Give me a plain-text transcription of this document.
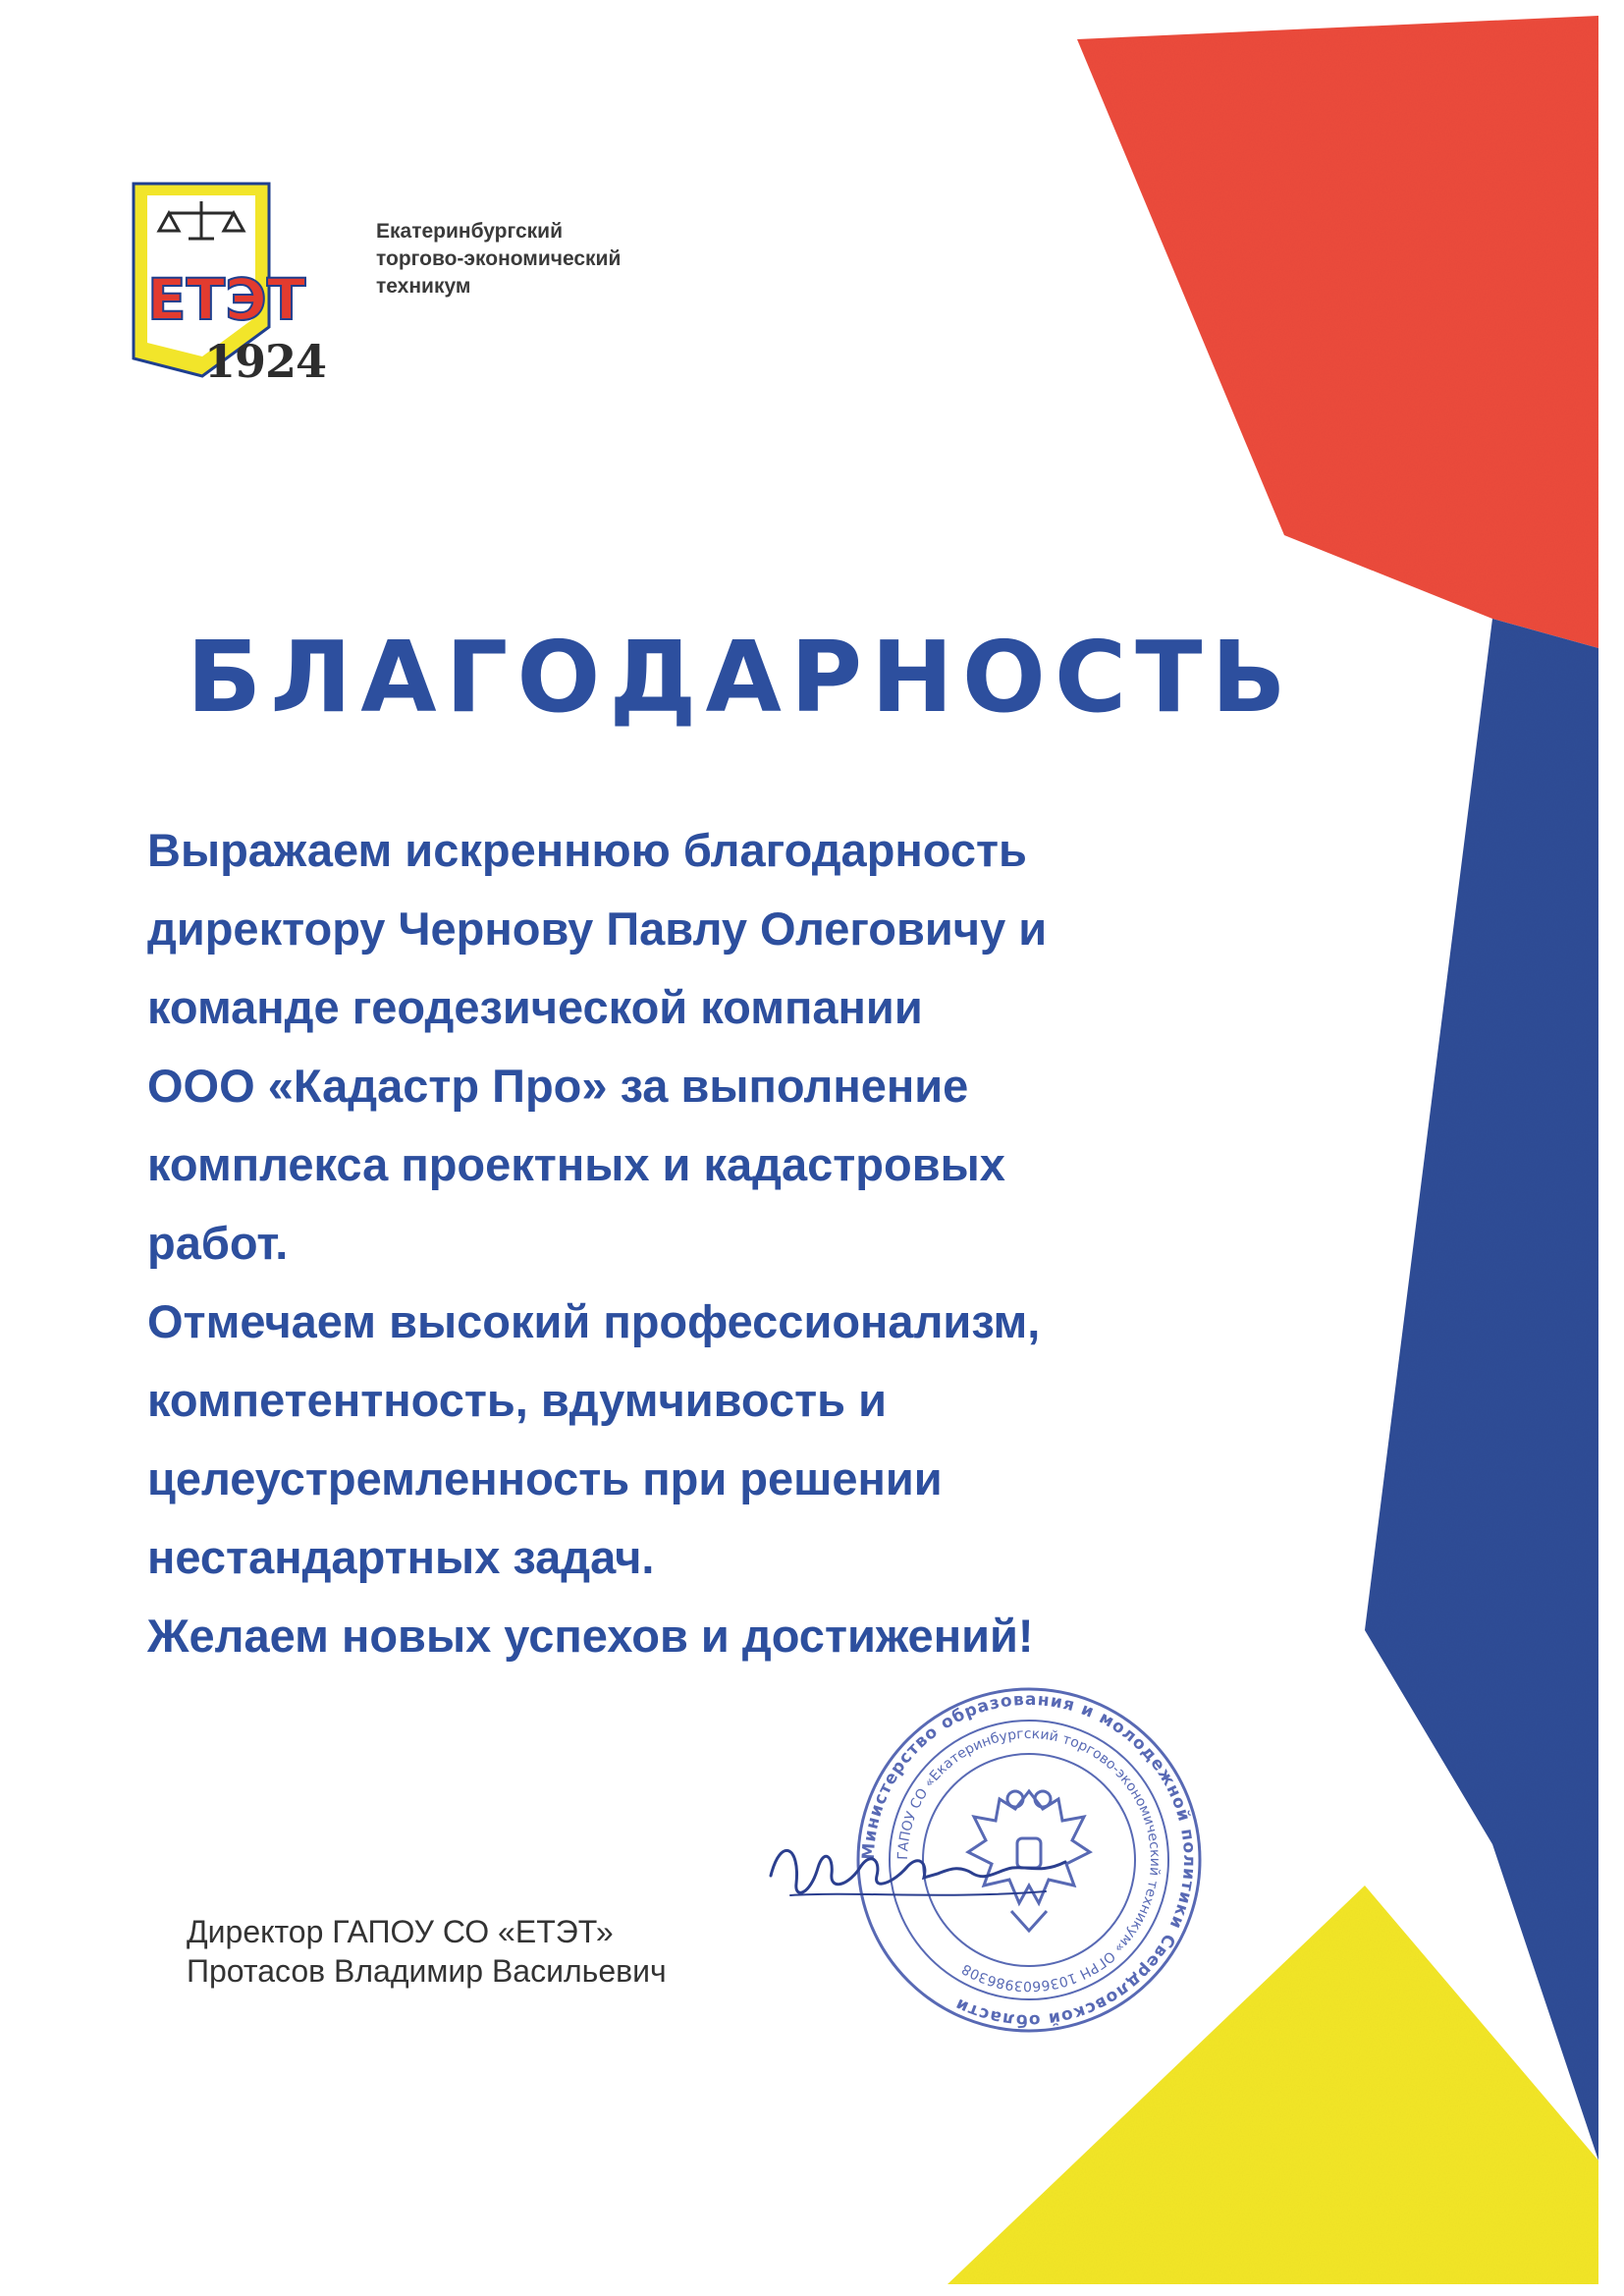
ЕТЭТ
1924
Екатеринбургский
торгово-экономический
техникум
БЛАГОДАРНОСТЬ
Выражаем искреннюю благодарность
директору Чернову Павлу Олеговичу и
команде геодезической компании
ООО «Кадастр Про» за выполнение
комплекса проектных и кадастровых
работ.
Отмечаем высокий профессионализм,
компетентность, вдумчивость и
целеустремленность при решении
нестандартных задач.
Желаем новых успехов и достижений!
Директор ГАПОУ СО «ЕТЭТ»
Протасов Владимир Васильевич
Министерство образования и молодежной политики Свердловской области
ГАПОУ СО «Екатеринбургский торгово-экономический техникум» ОГРН 1036603986308
